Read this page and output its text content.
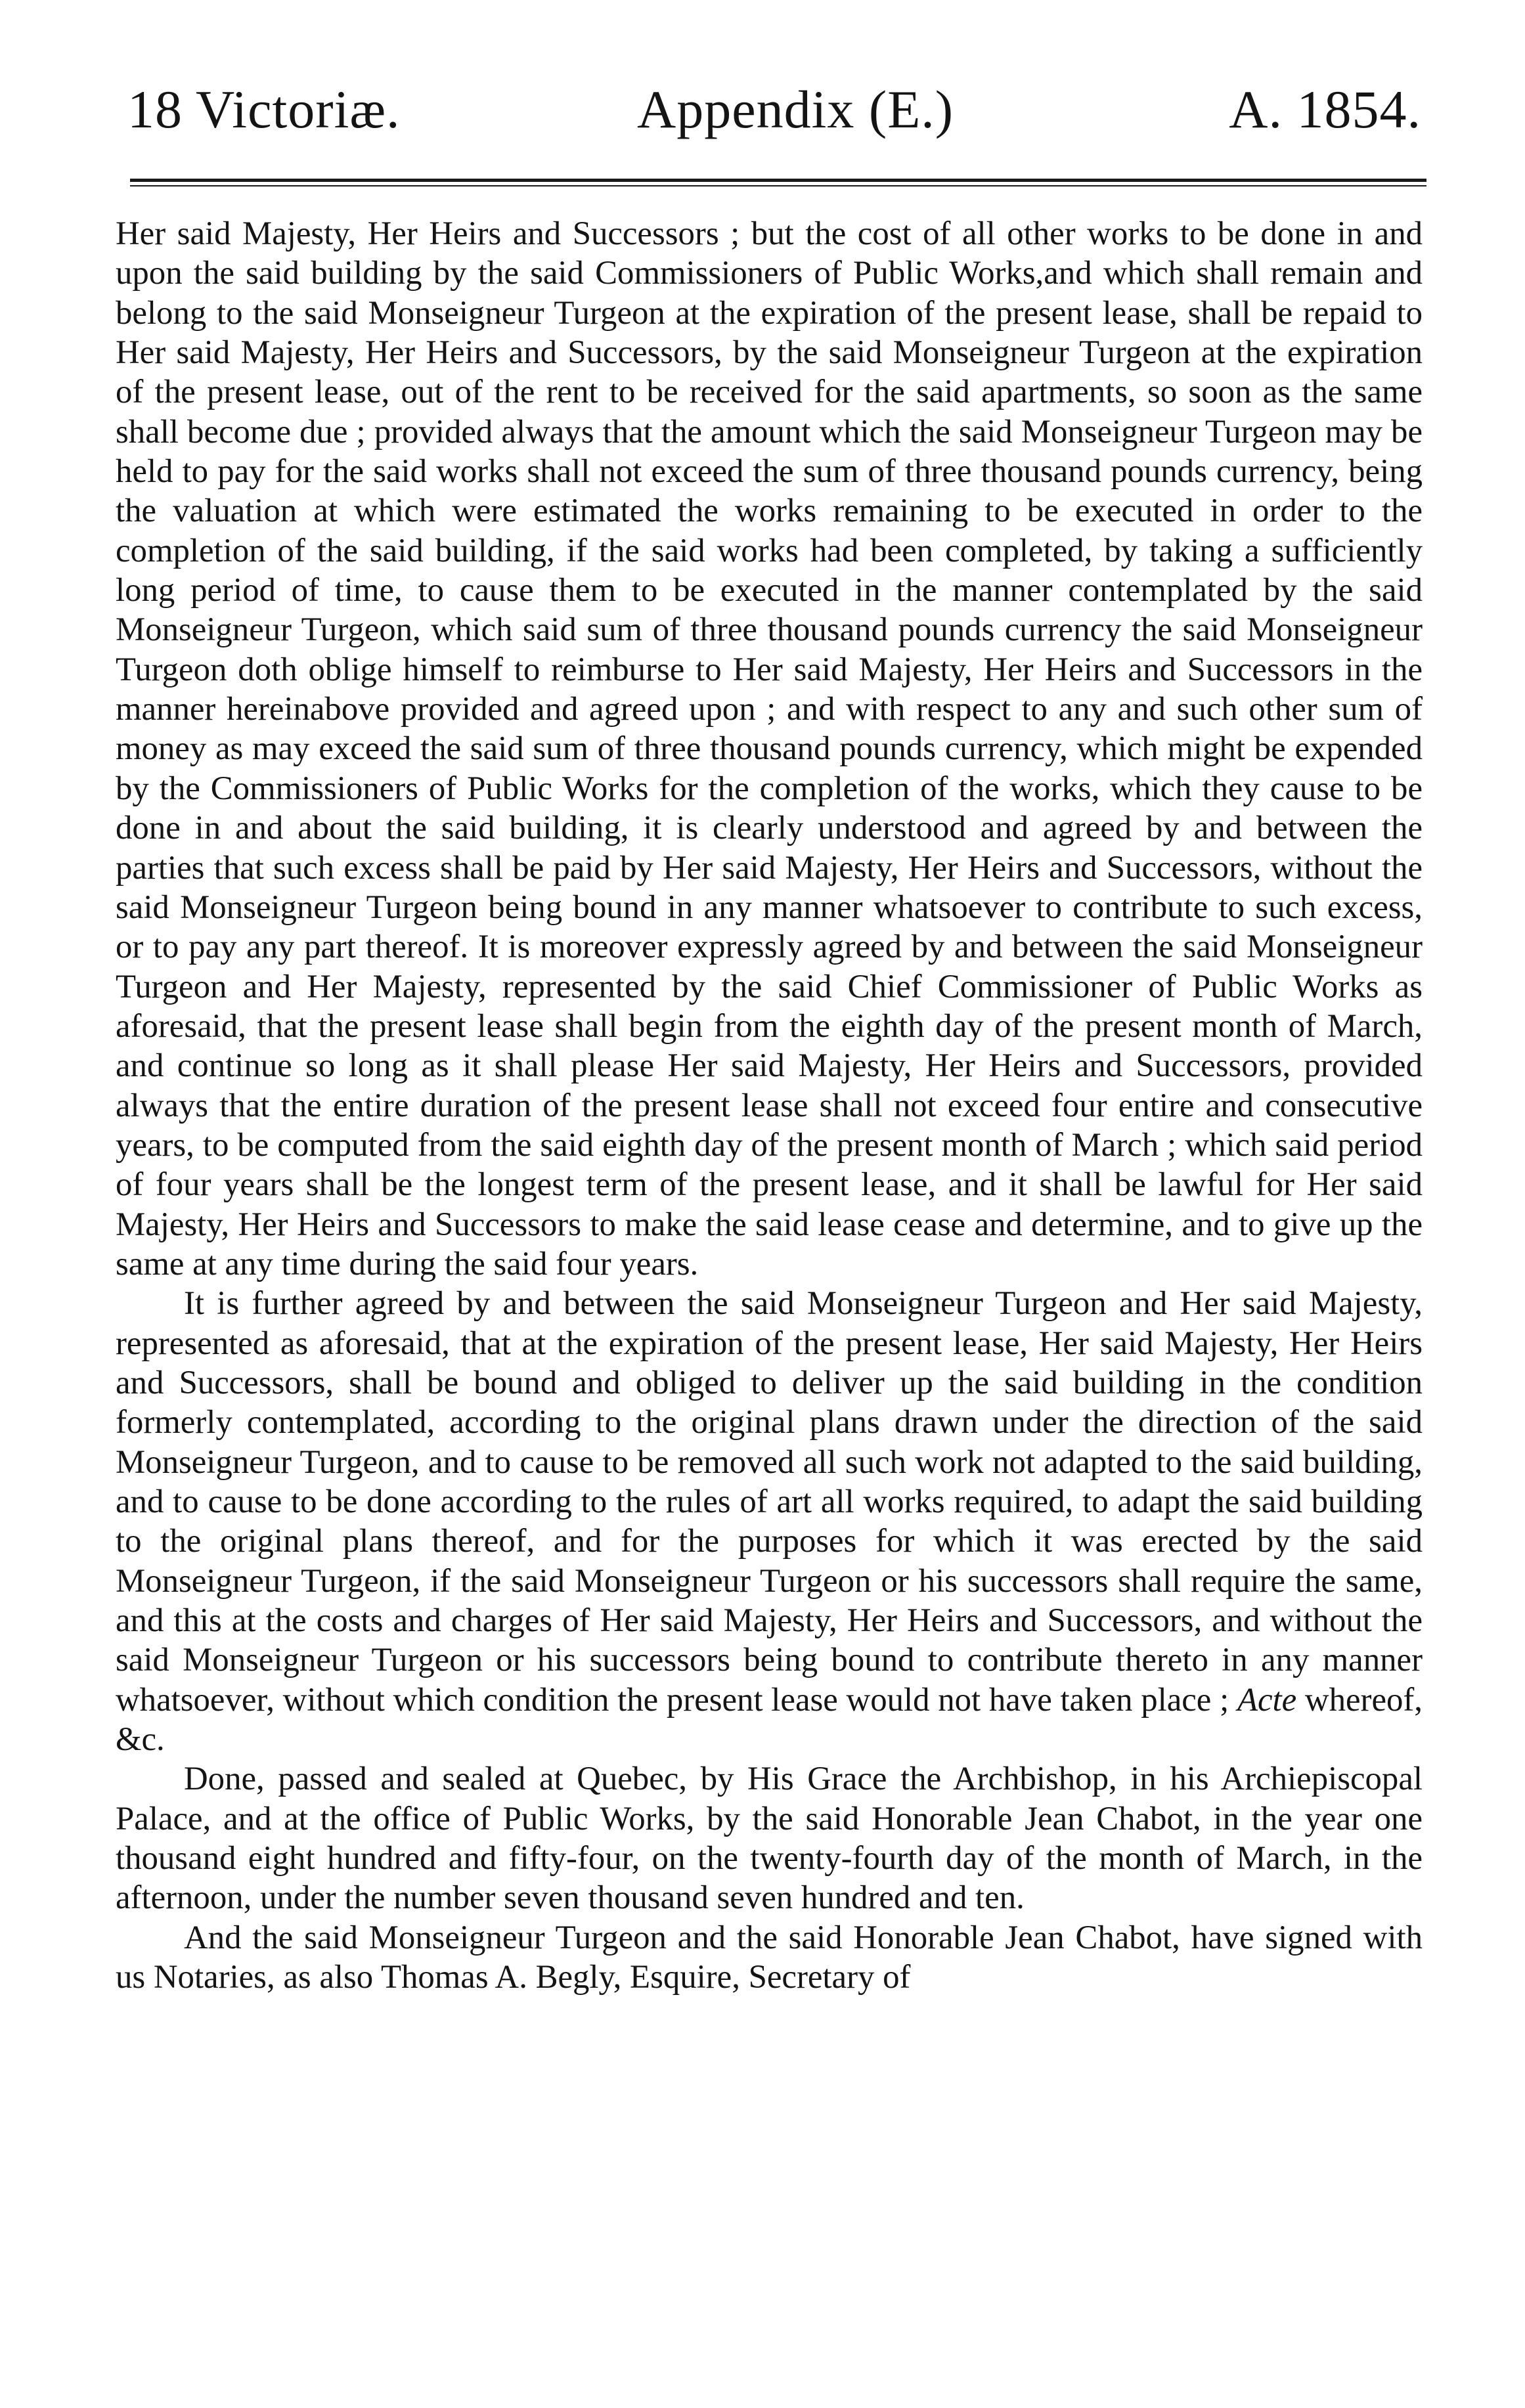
18 Victoriæ.	Appendix (E.)	A. 1854.

Her said Majesty, Her Heirs and Successors ; but the cost of all other works to be done in and upon the said building by the said Commissioners of Public Works,and which shall remain and belong to the said Monseigneur Turgeon at the expiration of the present lease, shall be repaid to Her said Majesty, Her Heirs and Successors, by the said Monseigneur Turgeon at the expiration of the present lease, out of the rent to be received for the said apartments, so soon as the same shall become due ; provided always that the amount which the said Monseigneur Turgeon may be held to pay for the said works shall not exceed the sum of three thousand pounds currency, being the valuation at which were estimated the works remaining to be executed in order to the completion of the said building, if the said works had been completed, by taking a sufficiently long period of time, to cause them to be executed in the manner contemplated by the said Monseigneur Turgeon, which said sum of three thousand pounds currency the said Monseigneur Turgeon doth oblige himself to reimburse to Her said Majesty, Her Heirs and Successors in the manner hereinabove provided and agreed upon ; and with respect to any and such other sum of money as may exceed the said sum of three thousand pounds currency, which might be expended by the Commissioners of Public Works for the completion of the works, which they cause to be done in and about the said building, it is clearly understood and agreed by and between the parties that such excess shall be paid by Her said Majesty, Her Heirs and Successors, without the said Monseigneur Turgeon being bound in any manner whatsoever to contribute to such excess, or to pay any part thereof. It is moreover expressly agreed by and between the said Monseigneur Turgeon and Her Majesty, represented by the said Chief Commissioner of Public Works as aforesaid, that the present lease shall begin from the eighth day of the present month of March, and continue so long as it shall please Her said Majesty, Her Heirs and Successors, provided always that the entire duration of the present lease shall not exceed four entire and consecutive years, to be computed from the said eighth day of the present month of March ; which said period of four years shall be the longest term of the present lease, and it shall be lawful for Her said Majesty, Her Heirs and Successors to make the said lease cease and determine, and to give up the same at any time during the said four years.

It is further agreed by and between the said Monseigneur Turgeon and Her said Majesty, represented as aforesaid, that at the expiration of the present lease, Her said Majesty, Her Heirs and Successors, shall be bound and obliged to deliver up the said building in the condition formerly contemplated, according to the original plans drawn under the direction of the said Monseigneur Turgeon, and to cause to be removed all such work not adapted to the said building, and to cause to be done according to the rules of art all works required, to adapt the said building to the original plans thereof, and for the purposes for which it was erected by the said Monseigneur Turgeon, if the said Monseigneur Turgeon or his successors shall require the same, and this at the costs and charges of Her said Majesty, Her Heirs and Successors, and without the said Monseigneur Turgeon or his successors being bound to contribute thereto in any manner whatsoever, without which condition the present lease would not have taken place ; Acte whereof, &c.

Done, passed and sealed at Quebec, by His Grace the Archbishop, in his Archiepiscopal Palace, and at the office of Public Works, by the said Honorable Jean Chabot, in the year one thousand eight hundred and fifty-four, on the twenty-fourth day of the month of March, in the afternoon, under the number seven thousand seven hundred and ten.

And the said Monseigneur Turgeon and the said Honorable Jean Chabot, have signed with us Notaries, as also Thomas A. Begly, Esquire, Secretary of
